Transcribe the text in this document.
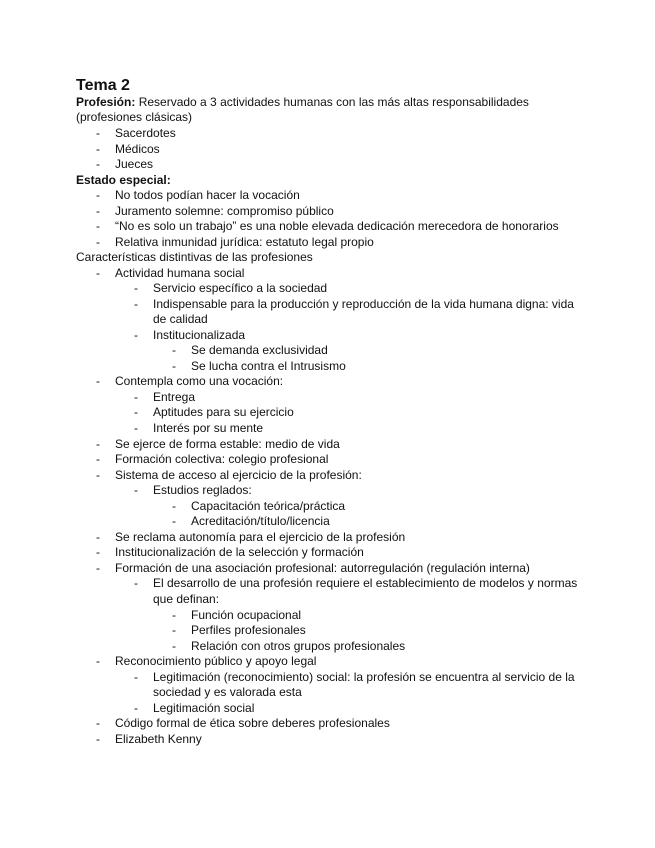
Tema 2
Profesión: Reservado a 3 actividades humanas con las más altas responsabilidades
(profesiones clásicas)
- Sacerdotes
- Médicos
- Jueces
Estado especial:
- No todos podían hacer la vocación
- Juramento solemne: compromiso público
- “No es solo un trabajo” es una noble elevada dedicación merecedora de honorarios
- Relativa inmunidad jurídica: estatuto legal propio
Características distintivas de las profesiones
- Actividad humana social
- Servicio específico a la sociedad
- Indispensable para la producción y reproducción de la vida humana digna: vida
de calidad
- Institucionalizada
- Se demanda exclusividad
- Se lucha contra el Intrusismo
- Contempla como una vocación:
- Entrega
- Aptitudes para su ejercicio
- Interés por su mente
- Se ejerce de forma estable: medio de vida
- Formación colectiva: colegio profesional
- Sistema de acceso al ejercicio de la profesión:
- Estudios reglados:
- Capacitación teórica/práctica
- Acreditación/título/licencia
- Se reclama autonomía para el ejercicio de la profesión
- Institucionalización de la selección y formación
- Formación de una asociación profesional: autorregulación (regulación interna)
- El desarrollo de una profesión requiere el establecimiento de modelos y normas
que definan:
- Función ocupacional
- Perfiles profesionales
- Relación con otros grupos profesionales
- Reconocimiento público y apoyo legal
- Legitimación (reconocimiento) social: la profesión se encuentra al servicio de la
sociedad y es valorada esta
- Legitimación social
- Código formal de ética sobre deberes profesionales
- Elizabeth Kenny
